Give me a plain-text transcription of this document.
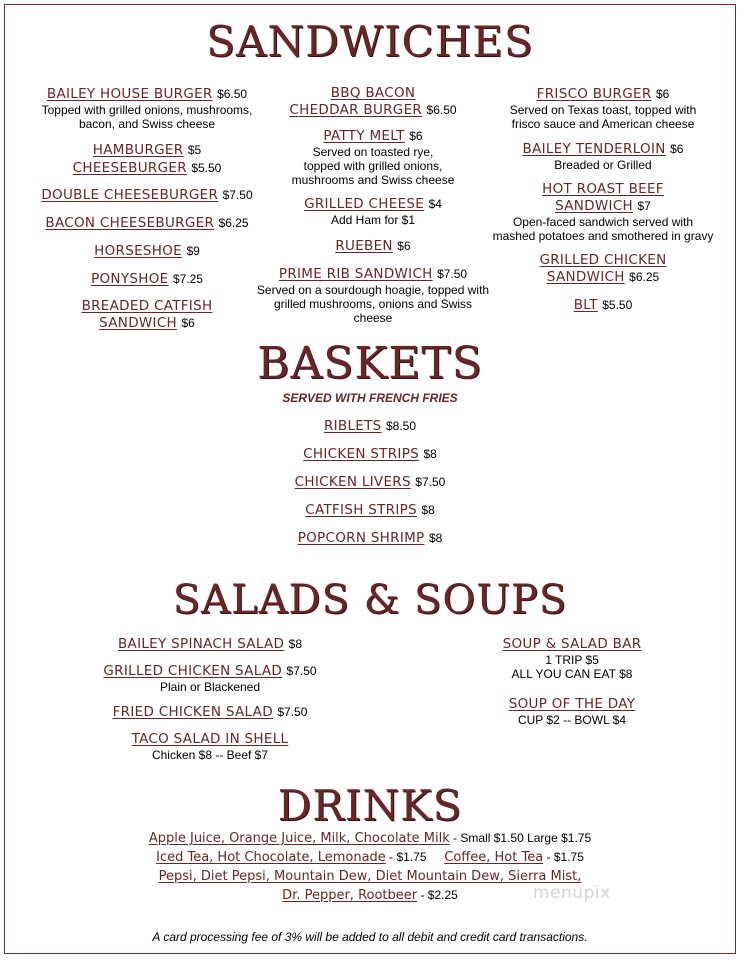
SANDWICHES
BAILEY HOUSE BURGER $6.50
Topped with grilled onions, mushrooms,
bacon, and Swiss cheese
HAMBURGER $5
CHEESEBURGER $5.50
DOUBLE CHEESEBURGER $7.50
BACON CHEESEBURGER $6.25
HORSESHOE $9
PONYSHOE $7.25
BREADED CATFISH
SANDWICH $6
BBQ BACON
CHEDDAR BURGER $6.50
PATTY MELT $6
Served on toasted rye,
topped with grilled onions,
mushrooms and Swiss cheese
GRILLED CHEESE $4
Add Ham for $1
RUEBEN $6
PRIME RIB SANDWICH $7.50
Served on a sourdough hoagie, topped with
grilled mushrooms, onions and Swiss cheese
FRISCO BURGER $6
Served on Texas toast, topped with
frisco sauce and American cheese
BAILEY TENDERLOIN $6
Breaded or Grilled
HOT ROAST BEEF
SANDWICH $7
Open-faced sandwich served with
mashed potatoes and smothered in gravy
GRILLED CHICKEN
SANDWICH $6.25
BLT $5.50
BASKETS
SERVED WITH FRENCH FRIES
RIBLETS $8.50
CHICKEN STRIPS $8
CHICKEN LIVERS $7.50
CATFISH STRIPS $8
POPCORN SHRIMP $8
SALADS & SOUPS
BAILEY SPINACH SALAD $8
GRILLED CHICKEN SALAD $7.50
Plain or Blackened
FRIED CHICKEN SALAD $7.50
TACO SALAD IN SHELL
Chicken $8 -- Beef $7
SOUP & SALAD BAR
1 TRIP $5
ALL YOU CAN EAT $8
SOUP OF THE DAY
CUP $2 -- BOWL $4
DRINKS
Apple Juice, Orange Juice, Milk, Chocolate Milk - Small $1.50 Large $1.75
Iced Tea, Hot Chocolate, Lemonade - $1.75 Coffee, Hot Tea - $1.75
Pepsi, Diet Pepsi, Mountain Dew, Diet Mountain Dew, Sierra Mist,
Dr. Pepper, Rootbeer - $2.25	menupix
A card processing fee of 3% will be added to all debit and credit card transactions.
